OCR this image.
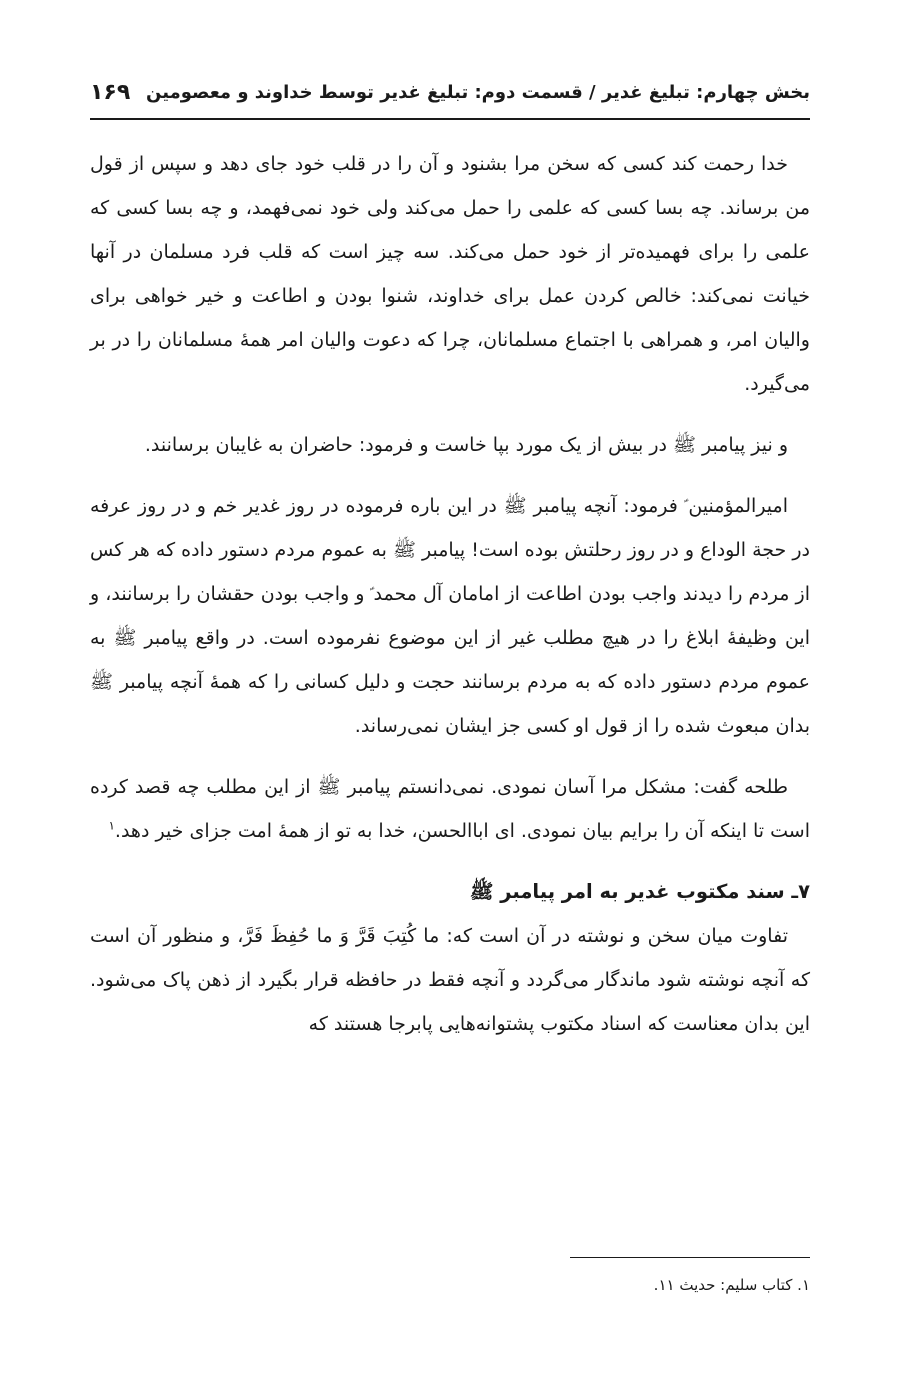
بخش چهارم: تبلیغ غدیر / قسمت دوم: تبلیغ غدیر توسط خداوند و معصومین
۱۶۹

خدا رحمت کند کسی که سخن مرا بشنود و آن را در قلب خود جای دهد و سپس از قول من برساند. چه بسا کسی که علمی را حمل می‌کند ولی خود نمی‌فهمد، و چه بسا کسی که علمی را برای فهمیده‌تر از خود حمل می‌کند. سه چیز است که قلب فرد مسلمان در آنها خیانت نمی‌کند: خالص کردن عمل برای خداوند، شنوا بودن و اطاعت و خیر خواهی برای والیان امر، و همراهی با اجتماع مسلمانان، چرا که دعوت والیان امر همهٔ مسلمانان را در بر می‌گیرد.

و نیز پیامبر ﷺ در بیش از یک مورد بپا خاست و فرمود: حاضران به غایبان برسانند.

امیرالمؤمنین ؑ فرمود: آنچه پیامبر ﷺ در این باره فرموده در روز غدیر خم و در روز عرفه در حجة الوداع و در روز رحلتش بوده است! پیامبر ﷺ به عموم مردم دستور داده که هر کس از مردم را دیدند واجب بودن اطاعت از امامان آل محمد ؑ و واجب بودن حقشان را برسانند، و این وظیفهٔ ابلاغ را در هیچ مطلب غیر از این موضوع نفرموده است. در واقع پیامبر ﷺ به عموم مردم دستور داده که به مردم برسانند حجت و دلیل کسانی را که همهٔ آنچه پیامبر ﷺ بدان مبعوث شده را از قول او کسی جز ایشان نمی‌رساند.

طلحه گفت: مشکل مرا آسان نمودی. نمی‌دانستم پیامبر ﷺ از این مطلب چه قصد کرده است تا اینکه آن را برایم بیان نمودی. ای اباالحسن، خدا به تو از همهٔ امت جزای خیر دهد.$^۱$

۷ـ سند مکتوب غدیر به امر پیامبر ﷺ

تفاوت میان سخن و نوشته در آن است که: ما کُتِبَ قَرَّ وَ ما حُفِظَ فَرَّ، و منظور آن است که آنچه نوشته شود ماندگار می‌گردد و آنچه فقط در حافظه قرار بگیرد از ذهن پاک می‌شود. این بدان معناست که اسناد مکتوب پشتوانه‌هایی پابرجا هستند که

۱. کتاب سلیم: حدیث ۱۱.
